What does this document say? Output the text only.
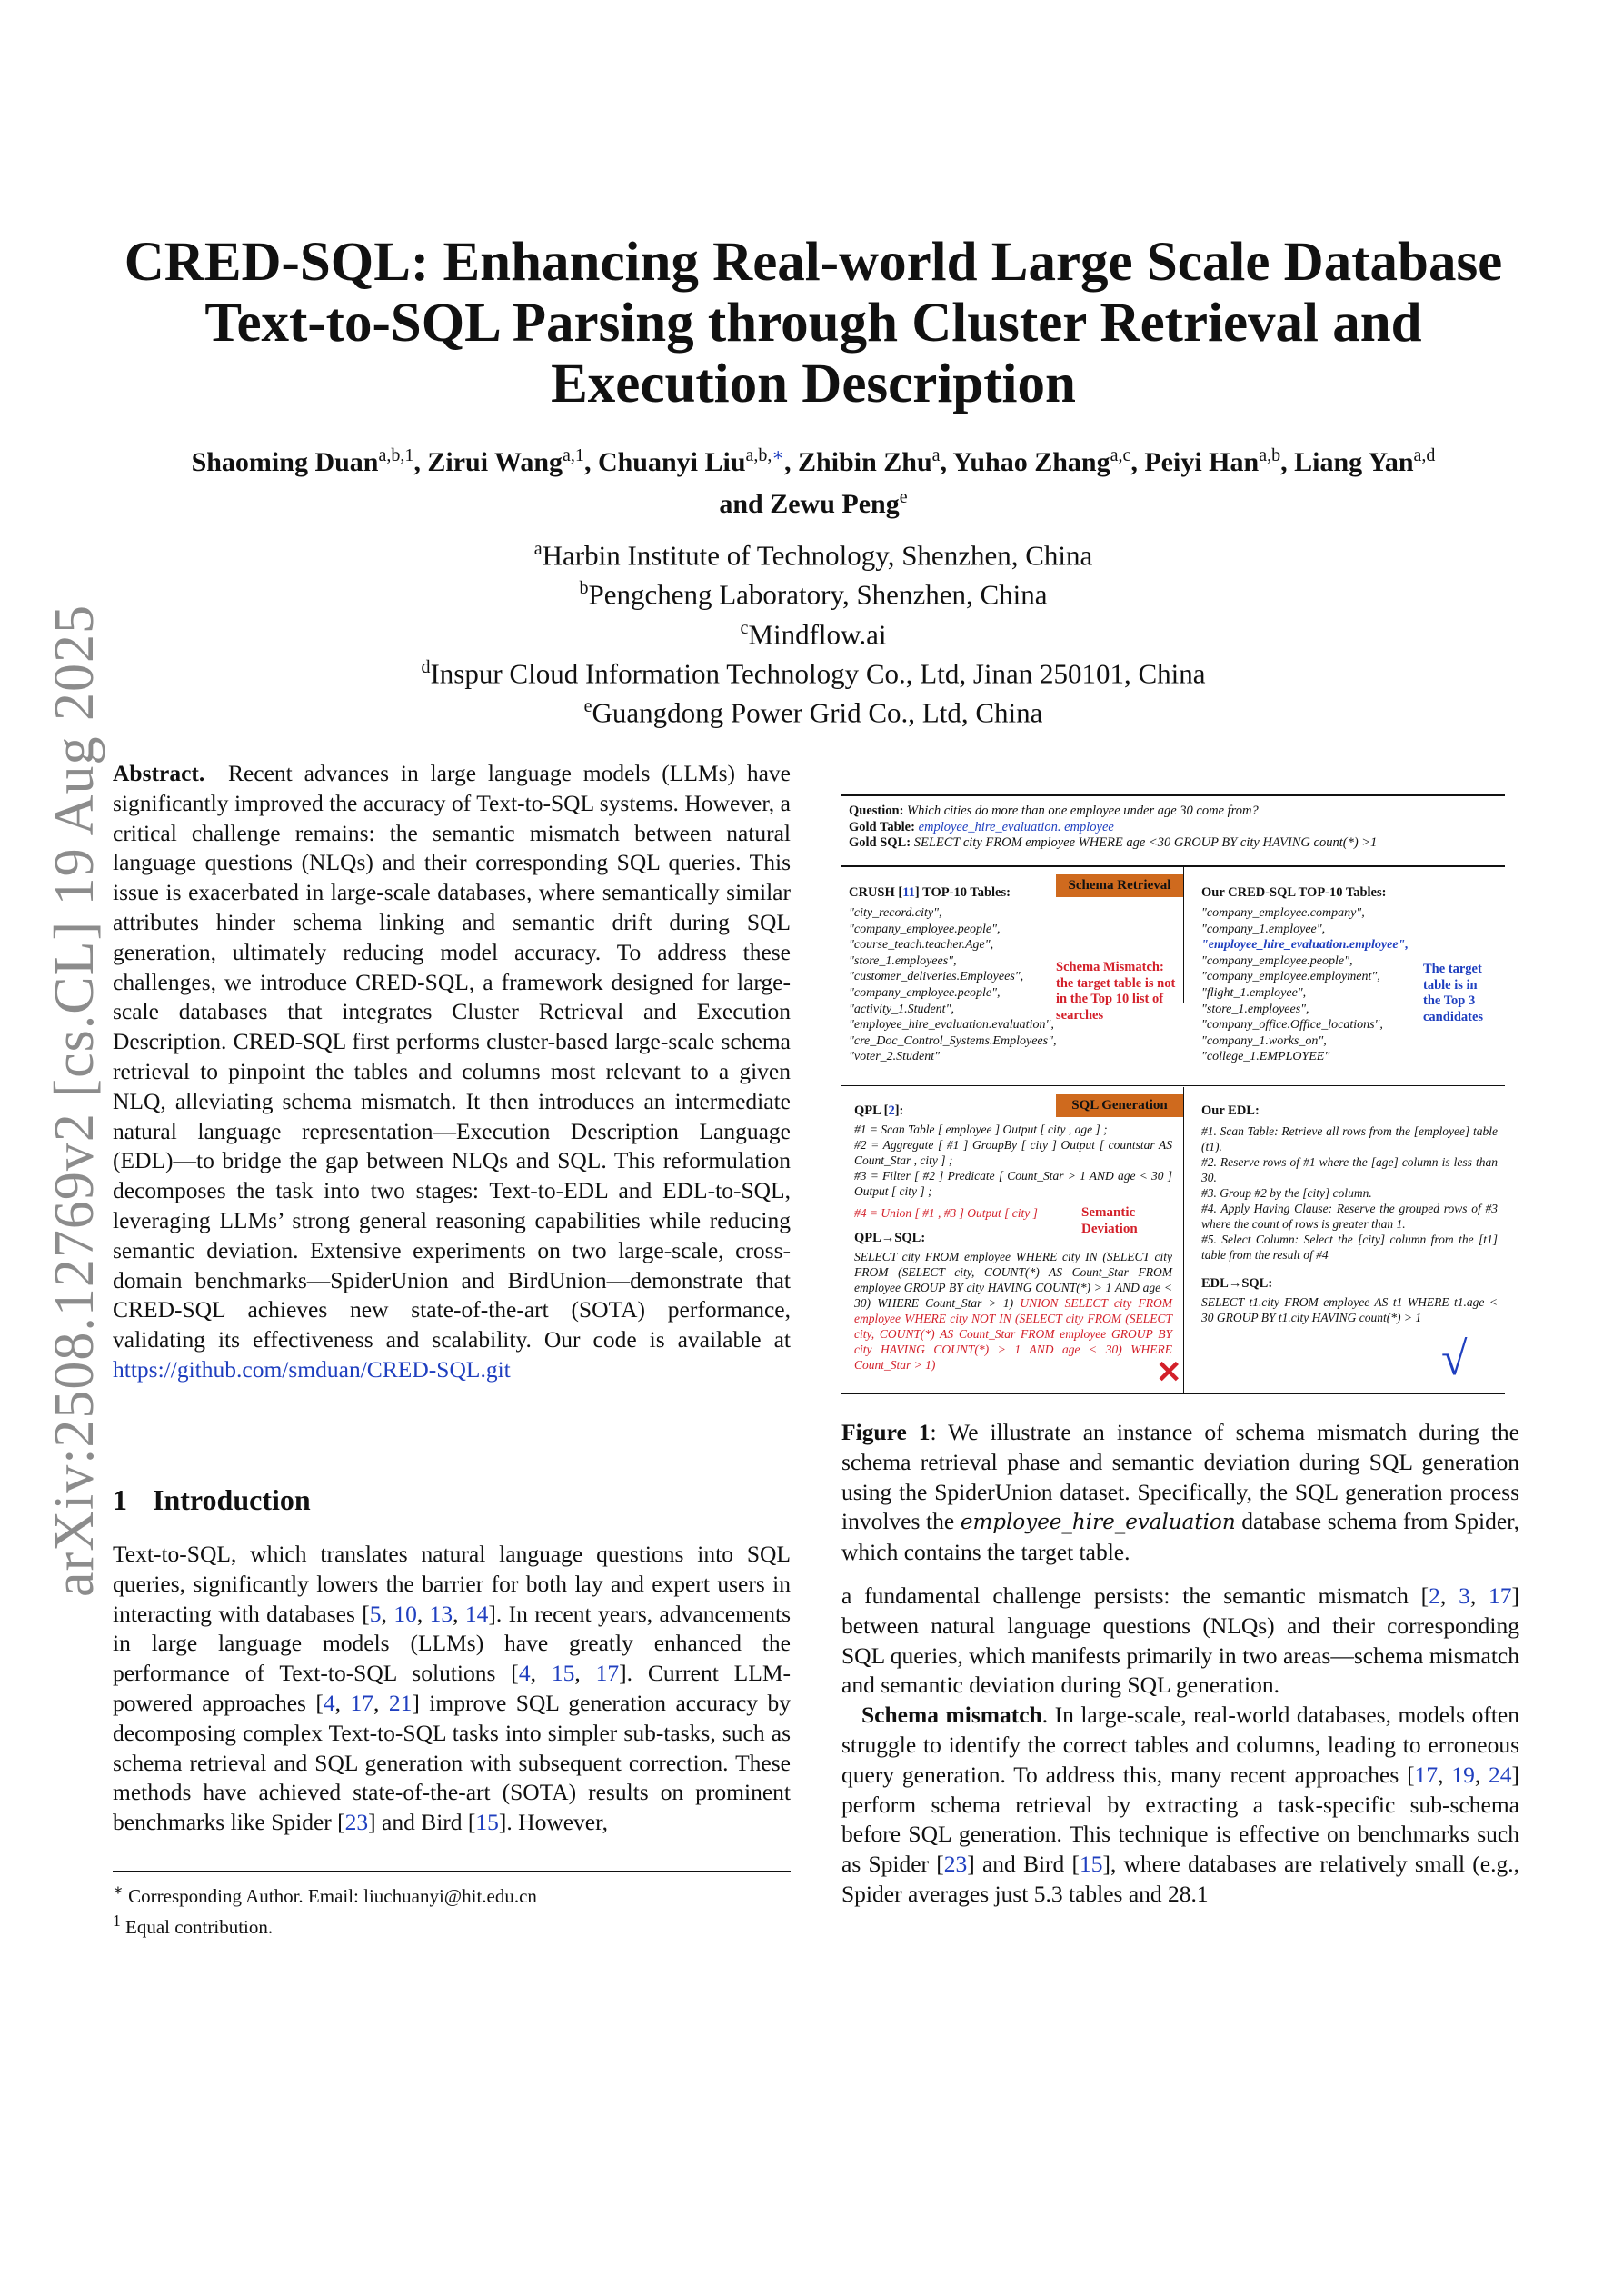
arXiv:2508.12769v2 [cs.CL] 19 Aug 2025
CRED-SQL: Enhancing Real-world Large Scale Database Text-to-SQL Parsing through Cluster Retrieval and Execution Description
Shaoming Duan$^{a,b,1}$, Zirui Wang$^{a,1}$, Chuanyi Liu$^{a,b,∗}$, Zhibin Zhu$^a$, Yuhao Zhang$^{a,c}$, Peiyi Han$^{a,b}$, Liang Yan$^{a,d}$
and Zewu Peng$^e$
$^a$Harbin Institute of Technology, Shenzhen, China
$^b$Pengcheng Laboratory, Shenzhen, China
$^c$Mindflow.ai
$^d$Inspur Cloud Information Technology Co., Ltd, Jinan 250101, China
$^e$Guangdong Power Grid Co., Ltd, China
Abstract. Recent advances in large language models (LLMs) have significantly improved the accuracy of Text-to-SQL systems. However, a critical challenge remains: the semantic mismatch between natural language questions (NLQs) and their corresponding SQL queries. This issue is exacerbated in large-scale databases, where semantically similar attributes hinder schema linking and semantic drift during SQL generation, ultimately reducing model accuracy. To address these challenges, we introduce CRED-SQL, a framework designed for large-scale databases that integrates Cluster Retrieval and Execution Description. CRED-SQL first performs cluster-based large-scale schema retrieval to pinpoint the tables and columns most relevant to a given NLQ, alleviating schema mismatch. It then introduces an intermediate natural language representation—Execution Description Language (EDL)—to bridge the gap between NLQs and SQL. This reformulation decomposes the task into two stages: Text-to-EDL and EDL-to-SQL, leveraging LLMs’ strong general reasoning capabilities while reducing semantic deviation. Extensive experiments on two large-scale, cross-domain benchmarks—SpiderUnion and BirdUnion—demonstrate that CRED-SQL achieves new state-of-the-art (SOTA) performance, validating its effectiveness and scalability. Our code is available at https://github.com/smduan/CRED-SQL.git
1 Introduction
Text-to-SQL, which translates natural language questions into SQL queries, significantly lowers the barrier for both lay and expert users in interacting with databases [5, 10, 13, 14]. In recent years, advancements in large language models (LLMs) have greatly enhanced the performance of Text-to-SQL solutions [4, 15, 17]. Current LLM-powered approaches [4, 17, 21] improve SQL generation accuracy by decomposing complex Text-to-SQL tasks into simpler sub-tasks, such as schema retrieval and SQL generation with subsequent correction. These methods have achieved state-of-the-art (SOTA) results on prominent benchmarks like Spider [23] and Bird [15]. However,
∗ Corresponding Author. Email: liuchuanyi@hit.edu.cn
$^1$ Equal contribution.
Question: Which cities do more than one employee under age 30 come from?
Gold Table: employee_hire_evaluation. employee
Gold SQL: SELECT city FROM employee WHERE age <30 GROUP BY city HAVING count(*) >1
CRUSH [11] TOP-10 Tables:	Schema Retrieval
"city_record.city",
"company_employee.people",
"course_teach.teacher.Age",
"store_1.employees",
"customer_deliveries.Employees",
"company_employee.people",
"activity_1.Student",
"employee_hire_evaluation.evaluation",
"cre_Doc_Control_Systems.Employees",
"voter_2.Student"
Schema Mismatch:
the target table is not
in the Top 10 list of
searches
Our CRED-SQL TOP-10 Tables:
"company_employee.company",
"company_1.employee",
"employee_hire_evaluation.employee",
"company_employee.people",
"company_employee.employment",
"flight_1.employee",
"store_1.employees",
"company_office.Office_locations",
"company_1.works_on",
"college_1.EMPLOYEE"
The target
table is in
the Top 3
candidates
QPL [2]:	SQL Generation
#1 = Scan Table [ employee ] Output [ city , age ] ;
#2 = Aggregate [ #1 ] GroupBy [ city ] Output [ countstar AS Count_Star , city ] ;
#3 = Filter [ #2 ] Predicate [ Count_Star > 1 AND age < 30 ] Output [ city ] ;
#4 = Union [ #1 , #3 ] Output [ city ]	Semantic Deviation
QPL→SQL:
SELECT city FROM employee WHERE city IN (SELECT city FROM (SELECT city, COUNT(*) AS Count_Star FROM employee GROUP BY city HAVING COUNT(*) > 1 AND age < 30) WHERE Count_Star > 1) UNION SELECT city FROM employee WHERE city NOT IN (SELECT city FROM (SELECT city, COUNT(*) AS Count_Star FROM employee GROUP BY city HAVING COUNT(*) > 1 AND age < 30) WHERE Count_Star > 1)	✕
Our EDL:
#1. Scan Table: Retrieve all rows from the [employee] table (t1).
#2. Reserve rows of #1 where the [age] column is less than 30.
#3. Group #2 by the [city] column.
#4. Apply Having Clause: Reserve the grouped rows of #3 where the count of rows is greater than 1.
#5. Select Column: Select the [city] column from the [t1] table from the result of #4
EDL→SQL:
SELECT t1.city FROM employee AS t1 WHERE t1.age < 30 GROUP BY t1.city HAVING count(*) > 1
√
Figure 1: We illustrate an instance of schema mismatch during the schema retrieval phase and semantic deviation during SQL generation using the SpiderUnion dataset. Specifically, the SQL generation process involves the employee_hire_evaluation database schema from Spider, which contains the target table.
a fundamental challenge persists: the semantic mismatch [2, 3, 17] between natural language questions (NLQs) and their corresponding SQL queries, which manifests primarily in two areas—schema mismatch and semantic deviation during SQL generation.
Schema mismatch. In large-scale, real-world databases, models often struggle to identify the correct tables and columns, leading to erroneous query generation. To address this, many recent approaches [17, 19, 24] perform schema retrieval by extracting a task-specific sub-schema before SQL generation. This technique is effective on benchmarks such as Spider [23] and Bird [15], where databases are relatively small (e.g., Spider averages just 5.3 tables and 28.1
